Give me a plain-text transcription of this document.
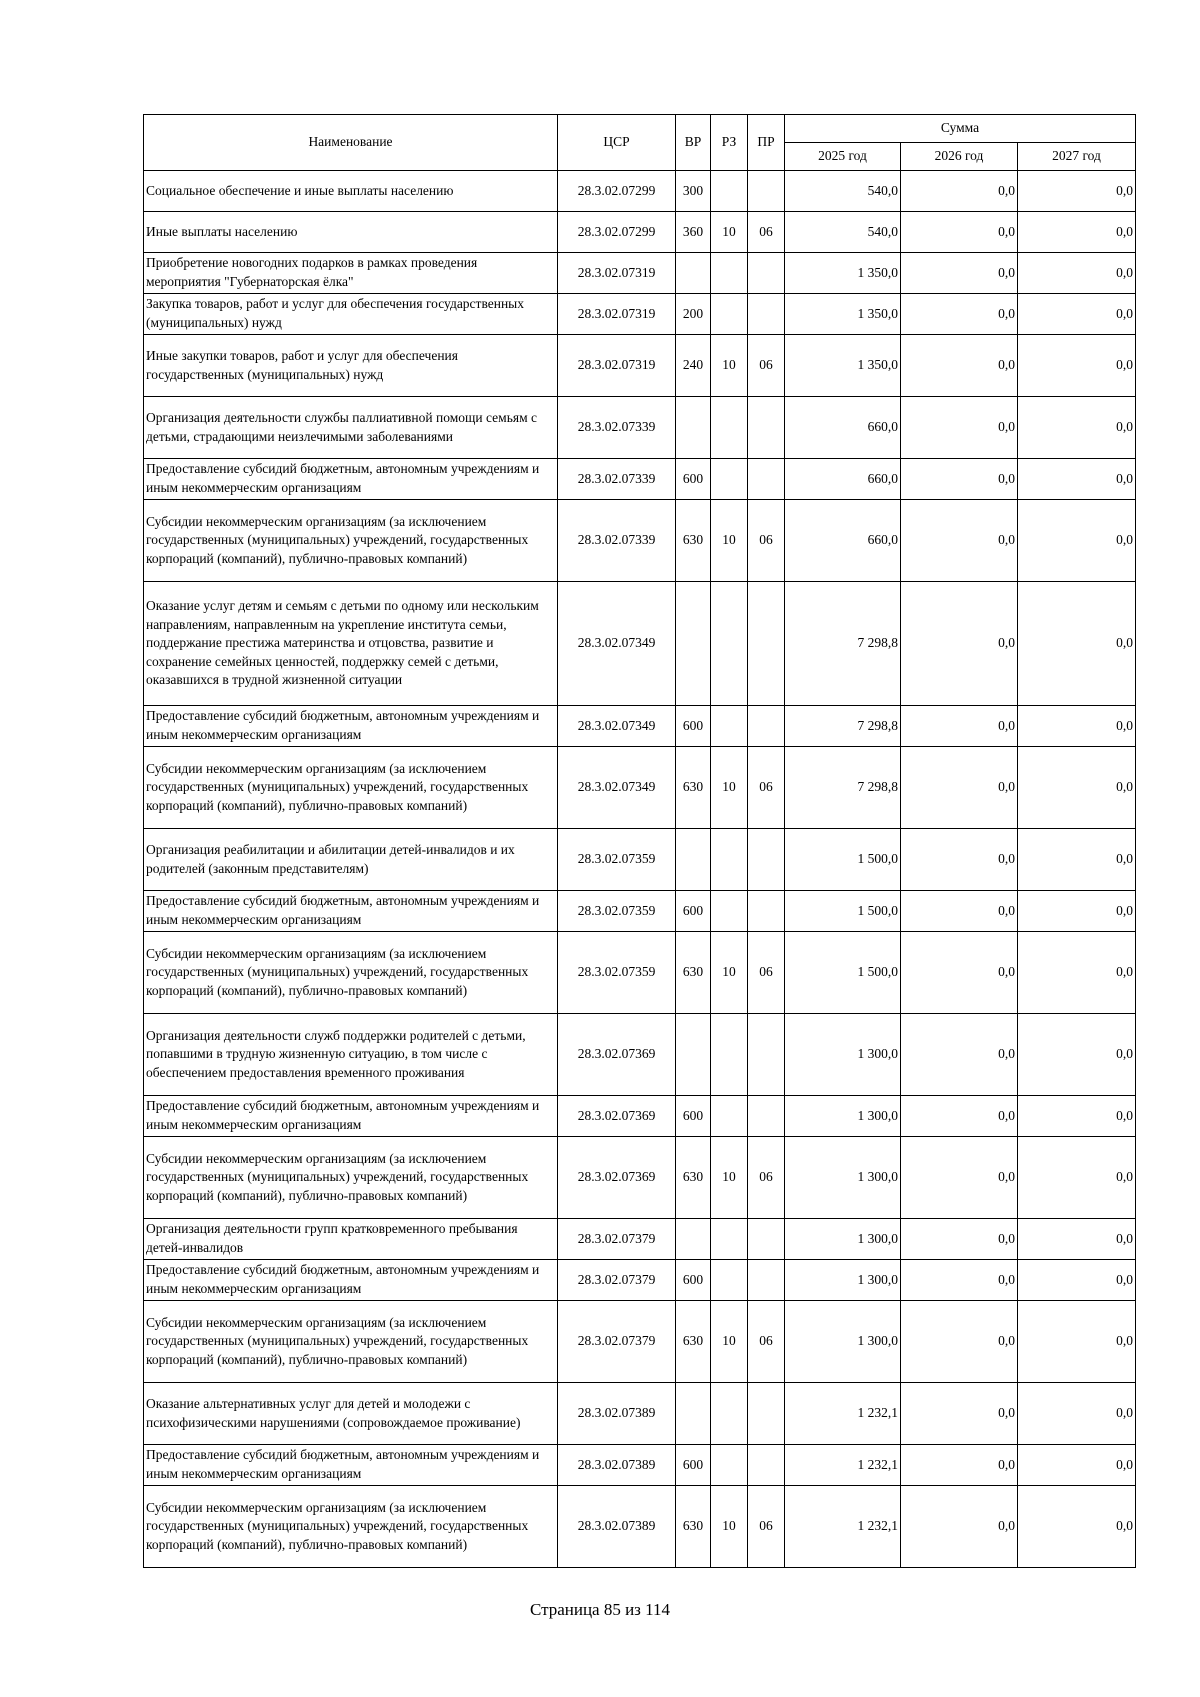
Наименование	ЦСР	ВР	РЗ	ПР	Сумма		
					2025 год	2026 год	2027 год
Социальное обеспечение и иные выплаты населению	28.3.02.07299	300			540,0	0,0	0,0
Иные выплаты населению	28.3.02.07299	360	10	06	540,0	0,0	0,0
Приобретение новогодних подарков в рамках проведения мероприятия "Губернаторская ёлка"	28.3.02.07319				1 350,0	0,0	0,0
Закупка товаров, работ и услуг для обеспечения государственных (муниципальных) нужд	28.3.02.07319	200			1 350,0	0,0	0,0
Иные закупки товаров, работ и услуг для обеспечения государственных (муниципальных) нужд	28.3.02.07319	240	10	06	1 350,0	0,0	0,0
Организация деятельности службы паллиативной помощи семьям с детьми, страдающими неизлечимыми заболеваниями	28.3.02.07339				660,0	0,0	0,0
Предоставление субсидий бюджетным, автономным учреждениям и иным некоммерческим организациям	28.3.02.07339	600			660,0	0,0	0,0
Субсидии некоммерческим организациям (за исключением государственных (муниципальных) учреждений, государственных корпораций (компаний), публично-правовых компаний)	28.3.02.07339	630	10	06	660,0	0,0	0,0
Оказание услуг детям и семьям с детьми по одному или нескольким направлениям, направленным на укрепление института семьи, поддержание престижа материнства и отцовства, развитие и сохранение семейных ценностей, поддержку семей с детьми, оказавшихся в трудной жизненной ситуации	28.3.02.07349				7 298,8	0,0	0,0
Предоставление субсидий бюджетным, автономным учреждениям и иным некоммерческим организациям	28.3.02.07349	600			7 298,8	0,0	0,0
Субсидии некоммерческим организациям (за исключением государственных (муниципальных) учреждений, государственных корпораций (компаний), публично-правовых компаний)	28.3.02.07349	630	10	06	7 298,8	0,0	0,0
Организация реабилитации и абилитации детей-инвалидов и их родителей (законным представителям)	28.3.02.07359				1 500,0	0,0	0,0
Предоставление субсидий бюджетным, автономным учреждениям и иным некоммерческим организациям	28.3.02.07359	600			1 500,0	0,0	0,0
Субсидии некоммерческим организациям (за исключением государственных (муниципальных) учреждений, государственных корпораций (компаний), публично-правовых компаний)	28.3.02.07359	630	10	06	1 500,0	0,0	0,0
Организация деятельности служб поддержки родителей с детьми, попавшими в трудную жизненную ситуацию, в том числе с обеспечением предоставления временного проживания	28.3.02.07369				1 300,0	0,0	0,0
Предоставление субсидий бюджетным, автономным учреждениям и иным некоммерческим организациям	28.3.02.07369	600			1 300,0	0,0	0,0
Субсидии некоммерческим организациям (за исключением государственных (муниципальных) учреждений, государственных корпораций (компаний), публично-правовых компаний)	28.3.02.07369	630	10	06	1 300,0	0,0	0,0
Организация деятельности групп кратковременного пребывания детей-инвалидов	28.3.02.07379				1 300,0	0,0	0,0
Предоставление субсидий бюджетным, автономным учреждениям и иным некоммерческим организациям	28.3.02.07379	600			1 300,0	0,0	0,0
Субсидии некоммерческим организациям (за исключением государственных (муниципальных) учреждений, государственных корпораций (компаний), публично-правовых компаний)	28.3.02.07379	630	10	06	1 300,0	0,0	0,0
Оказание альтернативных услуг для детей и молодежи с психофизическими нарушениями (сопровождаемое проживание)	28.3.02.07389				1 232,1	0,0	0,0
Предоставление субсидий бюджетным, автономным учреждениям и иным некоммерческим организациям	28.3.02.07389	600			1 232,1	0,0	0,0
Субсидии некоммерческим организациям (за исключением государственных (муниципальных) учреждений, государственных корпораций (компаний), публично-правовых компаний)	28.3.02.07389	630	10	06	1 232,1	0,0	0,0
Страница 85 из 114
